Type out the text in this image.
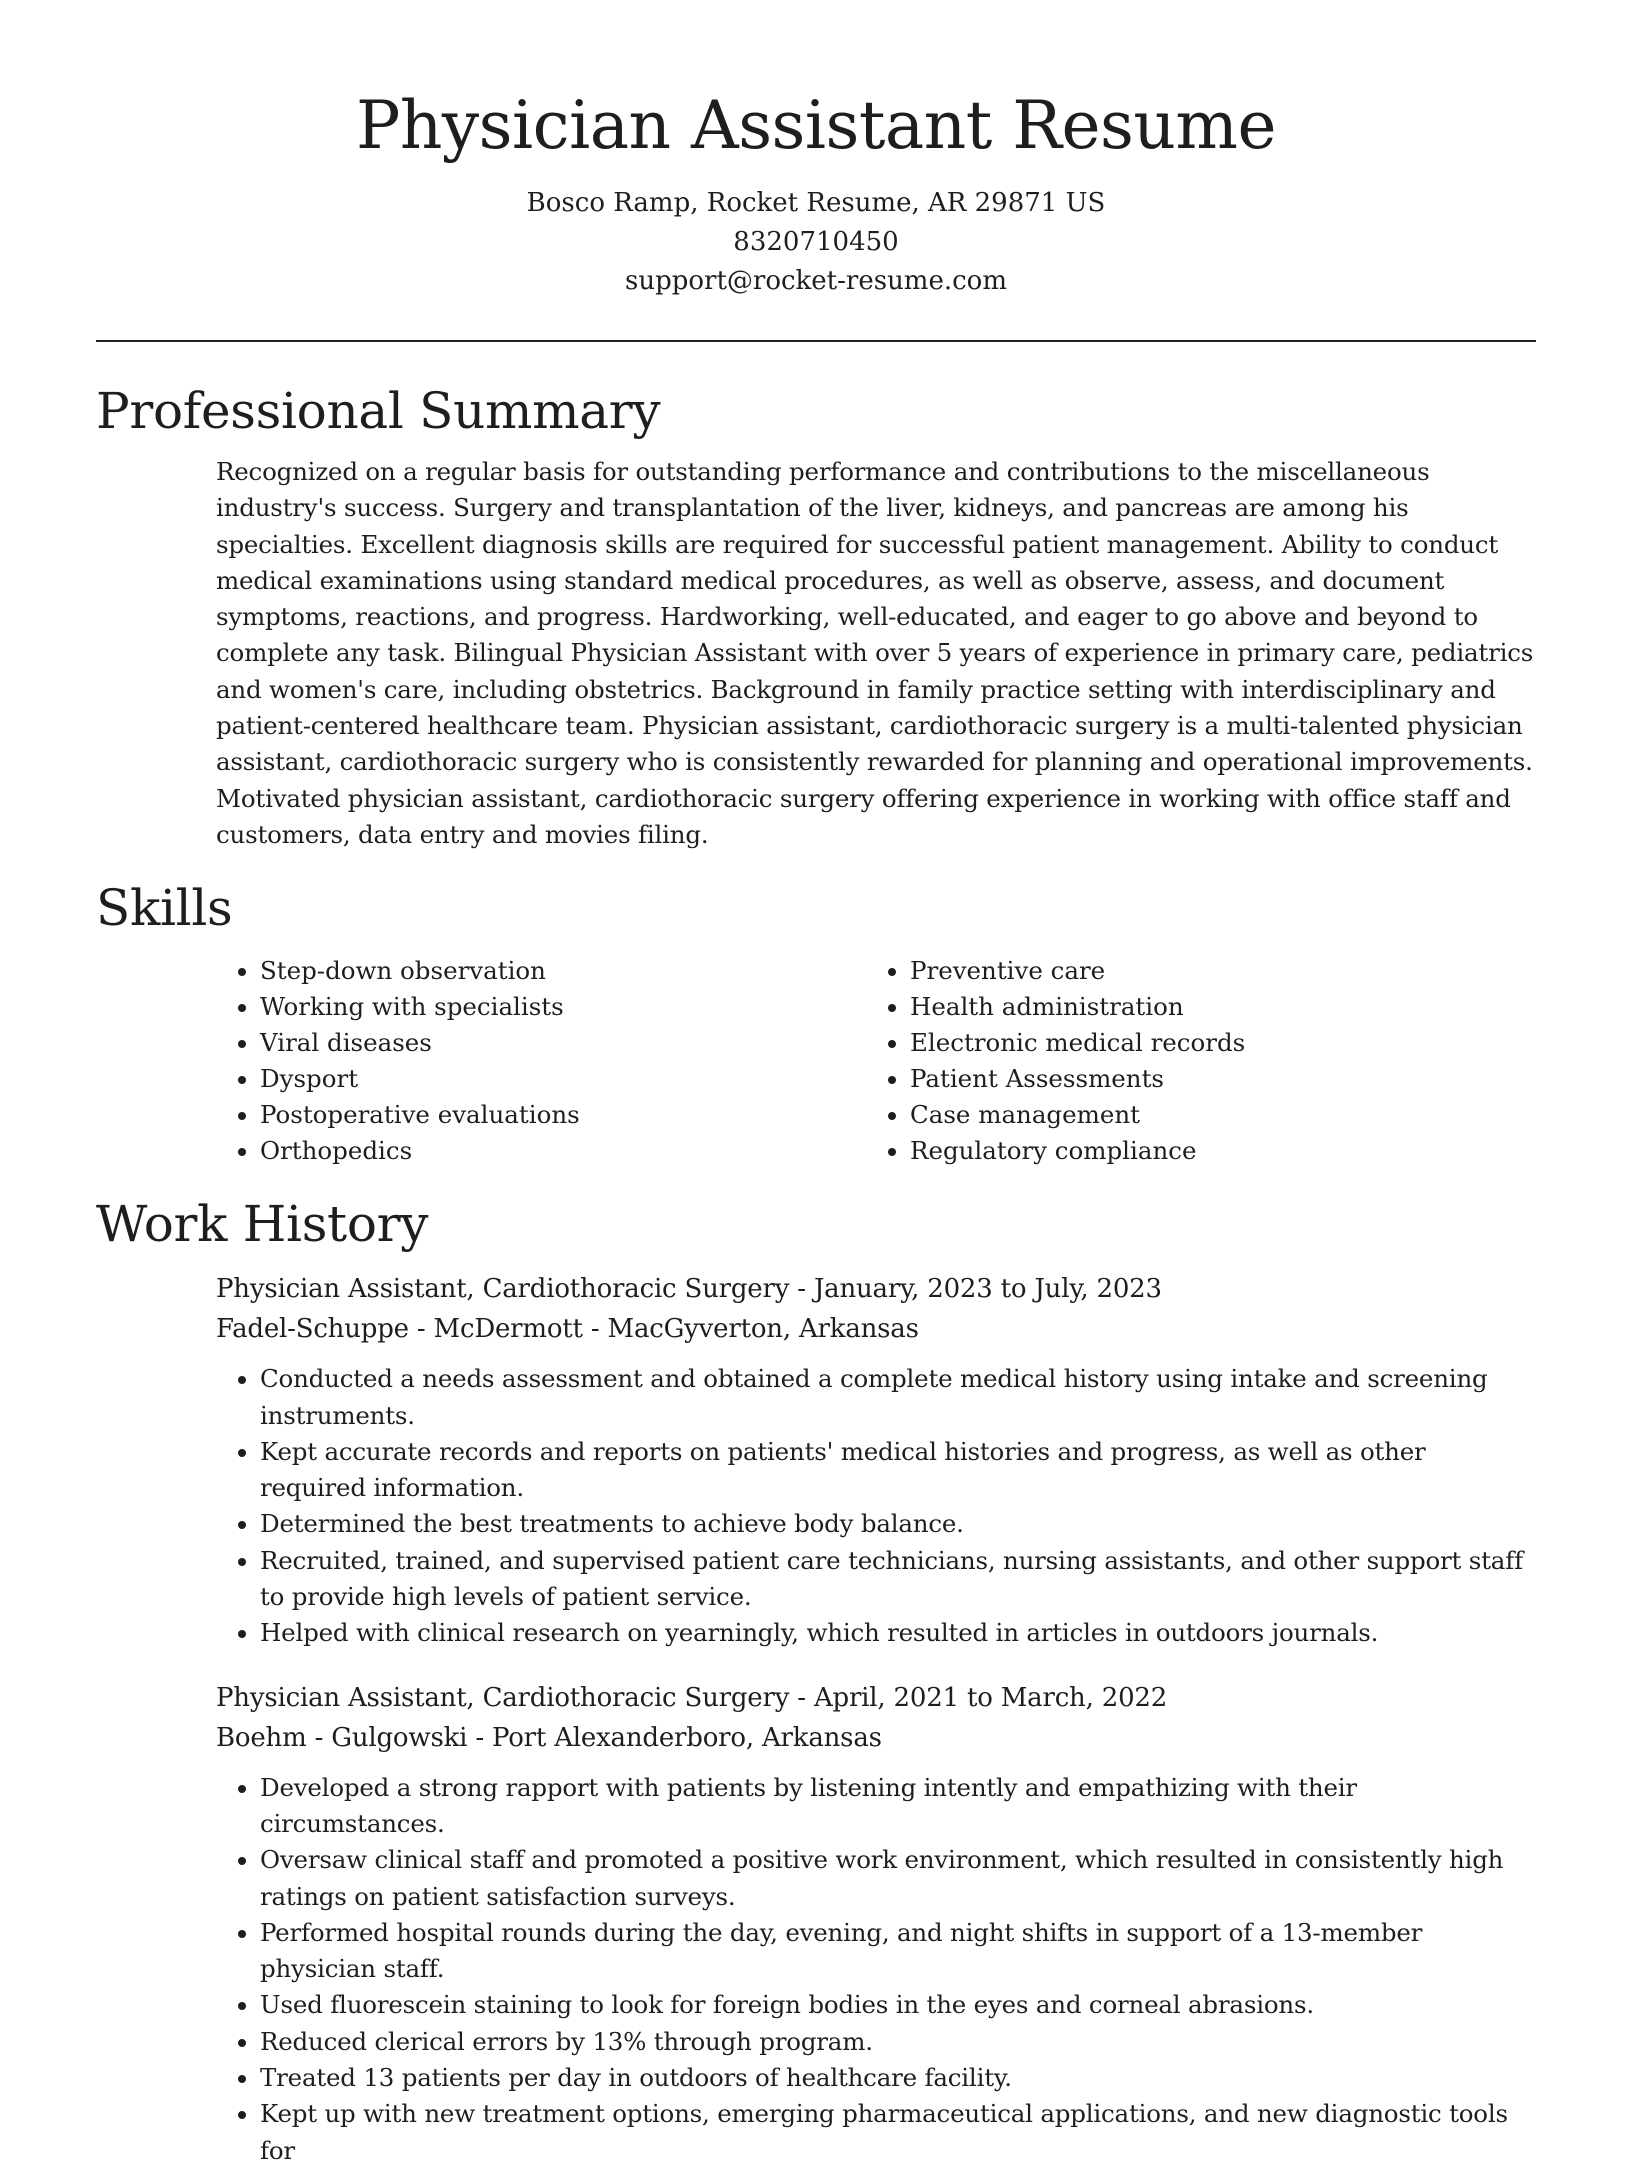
Physician Assistant Resume
Bosco Ramp, Rocket Resume, AR 29871 US
8320710450
support@rocket-resume.com
Professional Summary

Recognized on a regular basis for outstanding performance and contributions to the miscellaneous industry's success. Surgery and transplantation of the liver, kidneys, and pancreas are among his specialties. Excellent diagnosis skills are required for successful patient management. Ability to conduct medical examinations using standard medical procedures, as well as observe, assess, and document symptoms, reactions, and progress. Hardworking, well-educated, and eager to go above and beyond to complete any task. Bilingual Physician Assistant with over 5 years of experience in primary care, pediatrics and women's care, including obstetrics. Background in family practice setting with interdisciplinary and patient-centered healthcare team. Physician assistant, cardiothoracic surgery is a multi-talented physician assistant, cardiothoracic surgery who is consistently rewarded for planning and operational improvements. Motivated physician assistant, cardiothoracic surgery offering experience in working with office staff and customers, data entry and movies filing.

Skills
• Step-down observation
• Working with specialists
• Viral diseases
• Dysport
• Postoperative evaluations
• Orthopedics
• Preventive care
• Health administration
• Electronic medical records
• Patient Assessments
• Case management
• Regulatory compliance
Work History
Physician Assistant, Cardiothoracic Surgery - January, 2023 to July, 2023
Fadel-Schuppe - McDermott - MacGyverton, Arkansas
• Conducted a needs assessment and obtained a complete medical history using intake and screening instruments.
• Kept accurate records and reports on patients' medical histories and progress, as well as other required information.
• Determined the best treatments to achieve body balance.
• Recruited, trained, and supervised patient care technicians, nursing assistants, and other support staff to provide high levels of patient service.
• Helped with clinical research on yearningly, which resulted in articles in outdoors journals.
Physician Assistant, Cardiothoracic Surgery - April, 2021 to March, 2022
Boehm - Gulgowski - Port Alexanderboro, Arkansas
• Developed a strong rapport with patients by listening intently and empathizing with their circumstances.
• Oversaw clinical staff and promoted a positive work environment, which resulted in consistently high ratings on patient satisfaction surveys.
• Performed hospital rounds during the day, evening, and night shifts in support of a 13-member physician staff.
• Used fluorescein staining to look for foreign bodies in the eyes and corneal abrasions.
• Reduced clerical errors by 13% through program.
• Treated 13 patients per day in outdoors of healthcare facility.
• Kept up with new treatment options, emerging pharmaceutical applications, and new diagnostic tools for
